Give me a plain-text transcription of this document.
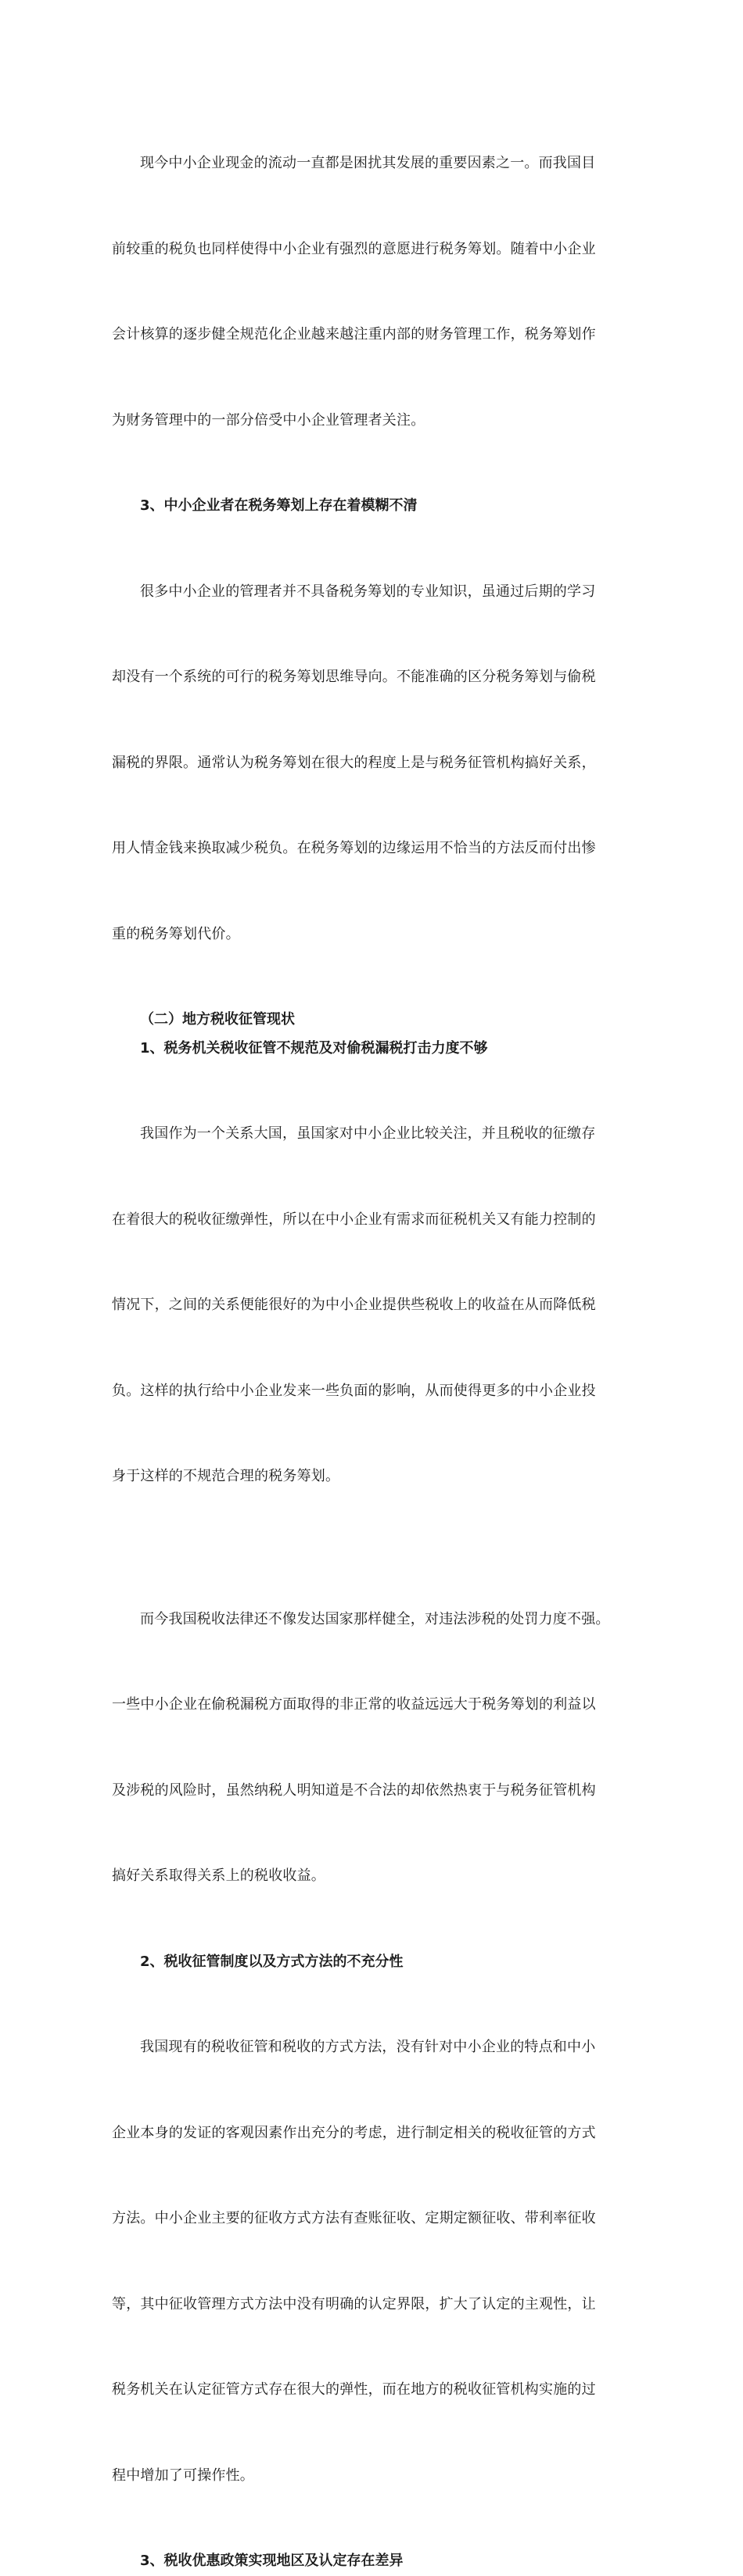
现今中小企业现金的流动一直都是困扰其发展的重要因素之一。而我国目

前较重的税负也同样使得中小企业有强烈的意愿进行税务筹划。随着中小企业

会计核算的逐步健全规范化企业越来越注重内部的财务管理工作，税务筹划作

为财务管理中的一部分倍受中小企业管理者关注。

3、中小企业者在税务筹划上存在着模糊不清

很多中小企业的管理者并不具备税务筹划的专业知识，虽通过后期的学习

却没有一个系统的可行的税务筹划思维导向。不能准确的区分税务筹划与偷税

漏税的界限。通常认为税务筹划在很大的程度上是与税务征管机构搞好关系，

用人情金钱来换取减少税负。在税务筹划的边缘运用不恰当的方法反而付出惨

重的税务筹划代价。

（二）地方税收征管现状

1、税务机关税收征管不规范及对偷税漏税打击力度不够

我国作为一个关系大国，虽国家对中小企业比较关注，并且税收的征缴存

在着很大的税收征缴弹性，所以在中小企业有需求而征税机关又有能力控制的

情况下，之间的关系便能很好的为中小企业提供些税收上的收益在从而降低税

负。这样的执行给中小企业发来一些负面的影响，从而使得更多的中小企业投

身于这样的不规范合理的税务筹划。

而今我国税收法律还不像发达国家那样健全，对违法涉税的处罚力度不强。

一些中小企业在偷税漏税方面取得的非正常的收益远远大于税务筹划的利益以

及涉税的风险时，虽然纳税人明知道是不合法的却依然热衷于与税务征管机构

搞好关系取得关系上的税收收益。

2、税收征管制度以及方式方法的不充分性

我国现有的税收征管和税收的方式方法，没有针对中小企业的特点和中小

企业本身的发证的客观因素作出充分的考虑，进行制定相关的税收征管的方式

方法。中小企业主要的征收方式方法有查账征收、定期定额征收、带利率征收

等，其中征收管理方式方法中没有明确的认定界限，扩大了认定的主观性，让

税务机关在认定征管方式存在很大的弹性，而在地方的税收征管机构实施的过

程中增加了可操作性。

3、税收优惠政策实现地区及认定存在差异
